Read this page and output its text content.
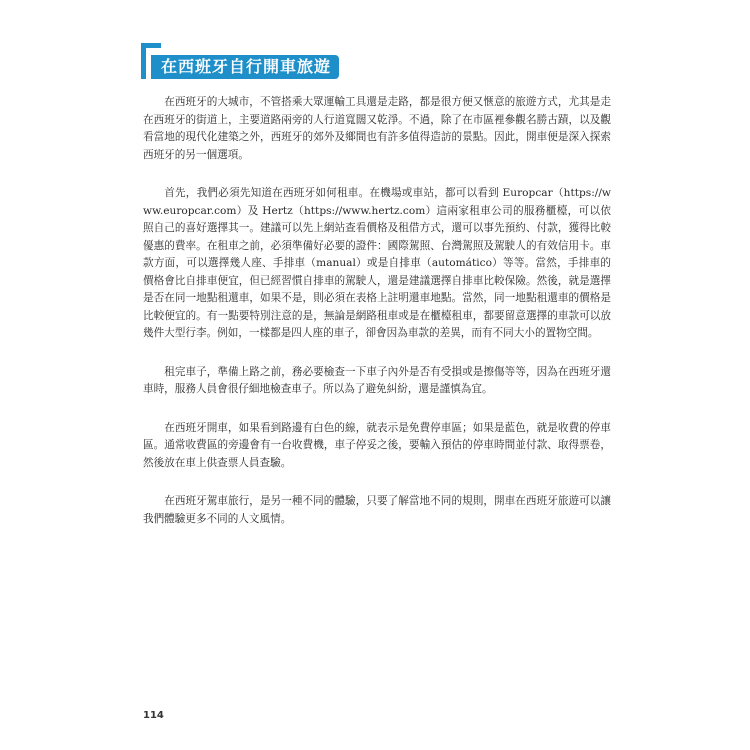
在西班牙自行開車旅遊

在西班牙的大城市，不管搭乘大眾運輸工具還是走路，都是很方便又愜意的旅遊方式，尤其是走在西班牙的街道上，主要道路兩旁的人行道寬闊又乾淨。不過，除了在市區裡參觀名勝古蹟，以及觀看當地的現代化建築之外，西班牙的郊外及鄉間也有許多值得造訪的景點。因此，開車便是深入探索西班牙的另一個選項。

首先，我們必須先知道在西班牙如何租車。在機場或車站，都可以看到 Europcar（https://www.europcar.com）及 Hertz（https://www.hertz.com）這兩家租車公司的服務櫃檯，可以依照自己的喜好選擇其一。建議可以先上網站查看價格及租借方式，還可以事先預約、付款，獲得比較優惠的費率。在租車之前，必須準備好必要的證件：國際駕照、台灣駕照及駕駛人的有效信用卡。車款方面，可以選擇幾人座、手排車（manual）或是自排車（automático）等等。當然，手排車的價格會比自排車便宜，但已經習慣自排車的駕駛人，還是建議選擇自排車比較保險。然後，就是選擇是否在同一地點租還車，如果不是，則必須在表格上註明還車地點。當然，同一地點租還車的價格是比較便宜的。有一點要特別注意的是，無論是網路租車或是在櫃檯租車，都要留意選擇的車款可以放幾件大型行李。例如，一樣都是四人座的車子，卻會因為車款的差異，而有不同大小的置物空間。

租完車子，準備上路之前，務必要檢查一下車子內外是否有受損或是擦傷等等，因為在西班牙還車時，服務人員會很仔細地檢查車子。所以為了避免糾紛，還是謹慎為宜。

在西班牙開車，如果看到路邊有白色的線，就表示是免費停車區；如果是藍色，就是收費的停車區。通常收費區的旁邊會有一台收費機，車子停妥之後，要輸入預估的停車時間並付款、取得票卷，然後放在車上供查票人員查驗。

在西班牙駕車旅行，是另一種不同的體驗，只要了解當地不同的規則，開車在西班牙旅遊可以讓我們體驗更多不同的人文風情。

114
